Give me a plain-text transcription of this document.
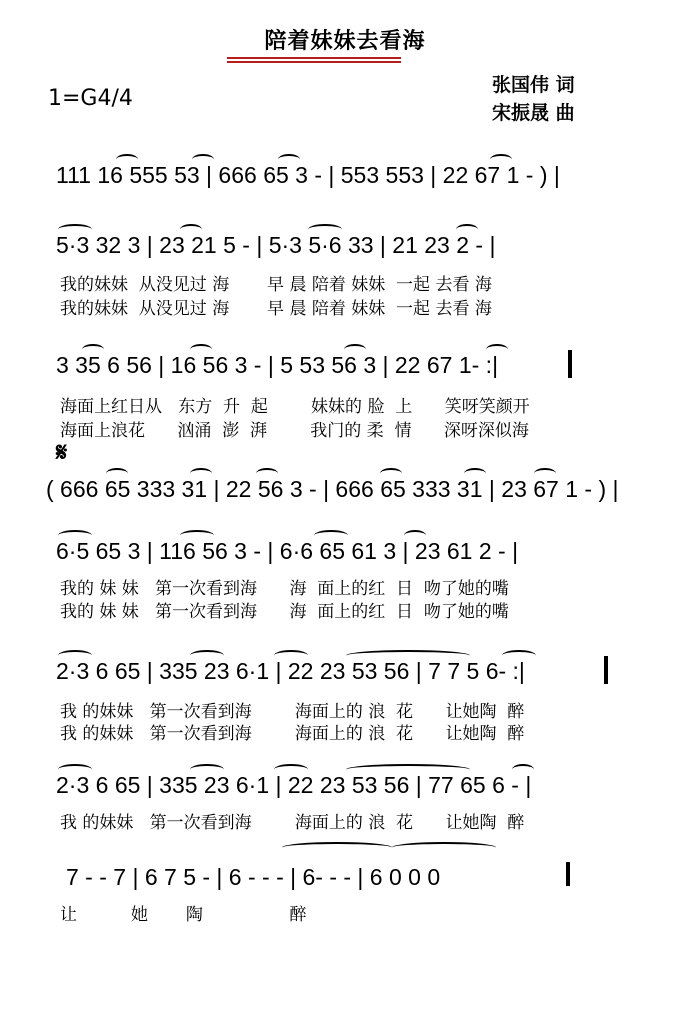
陪着妹妹去看海
1=G4/4
张国伟 词
宋振晟 曲
111 16 555 53 | 666 65 3 - | 553 553 | 22 67 1 - ) |
5·3 32 3 | 23 21 5 - | 5·3 5·6 33 | 21 23 2 - |
我的妹妹  从没见过 海       早 晨 陪着 妹妹  一起 去看 海
我的妹妹  从没见过 海       早 晨 陪着 妹妹  一起 去看 海
3 35 6 56 | 16 56 3 - | 5 53 56 3 | 22 67 1- :|
海面上红日从   东方  升  起        妹妹的 脸  上      笑呀笑颜开
海面上浪花      汹涌  澎  湃        我门的 柔  情      深呀深似海
𝄋
( 666 65 333 31 | 22 56 3 - | 666 65 333 31 | 23 67 1 - ) |
6·5 65 3 | 116 56 3 - | 6·6 65 61 3 | 23 61 2 - |
我的 妹 妹   第一次看到海      海  面上的红  日  吻了她的嘴
我的 妹 妹   第一次看到海      海  面上的红  日  吻了她的嘴
2·3 6 65 | 335 23 6·1 | 22 23 53 56 | 7 7 5 6- :|
我 的妹妹   第一次看到海        海面上的 浪  花      让她陶  醉
我 的妹妹   第一次看到海        海面上的 浪  花      让她陶  醉
2·3 6 65 | 335 23 6·1 | 22 23 53 56 | 77 65 6 - |
我 的妹妹   第一次看到海        海面上的 浪  花      让她陶  醉
7 - - 7 | 6 7 5 - | 6 - - - | 6- - - | 6 0 0 0
让          她       陶                醉
